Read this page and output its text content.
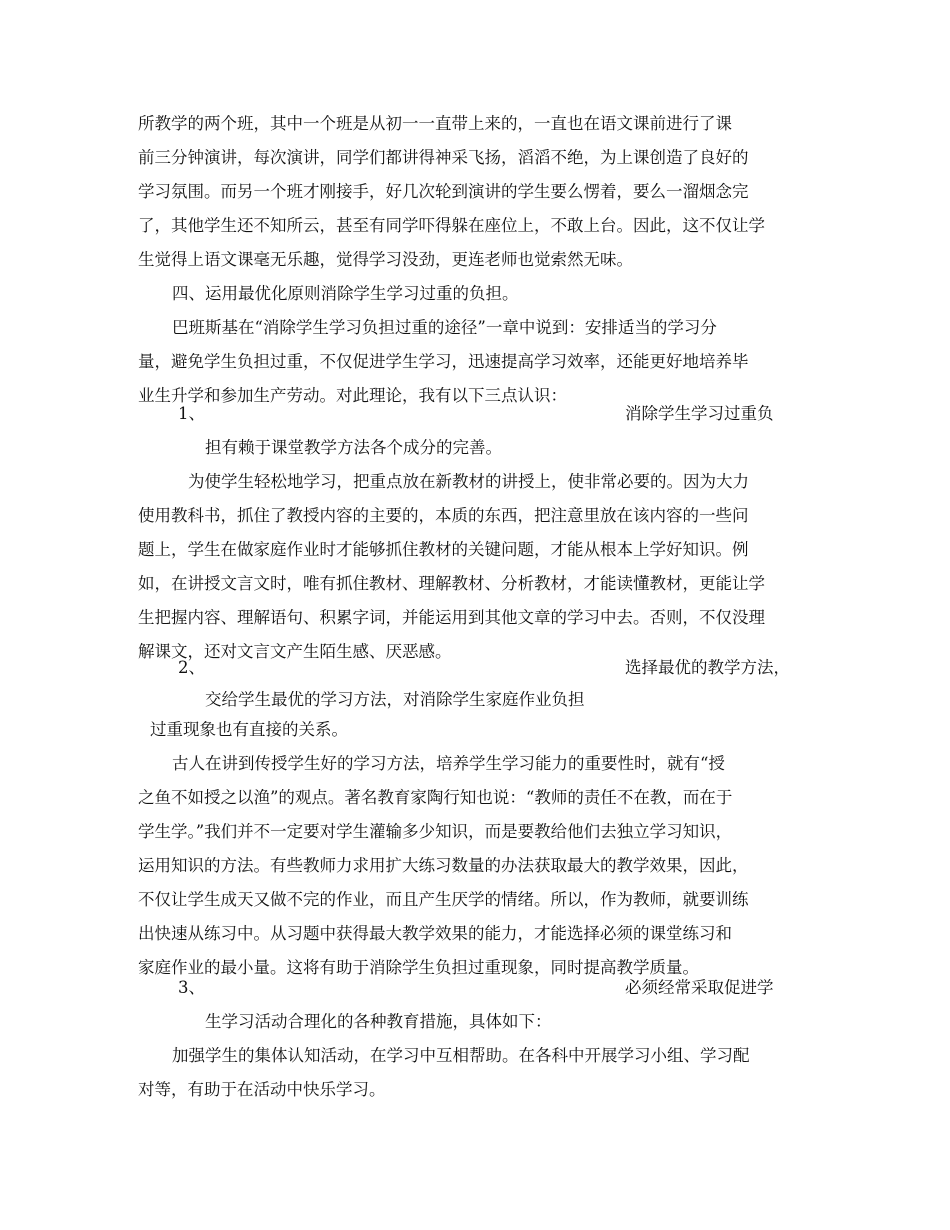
所教学的两个班，其中一个班是从初一一直带上来的，一直也在语文课前进行了课
前三分钟演讲，每次演讲，同学们都讲得神采飞扬，滔滔不绝，为上课创造了良好的
学习氛围。而另一个班才刚接手，好几次轮到演讲的学生要么愣着，要么一溜烟念完
了，其他学生还不知所云，甚至有同学吓得躲在座位上，不敢上台。因此，这不仅让学
生觉得上语文课毫无乐趣，觉得学习没劲，更连老师也觉索然无味。
四、运用最优化原则消除学生学习过重的负担。
巴班斯基在“消除学生学习负担过重的途径”一章中说到：安排适当的学习分
量，避免学生负担过重，不仅促进学生学习，迅速提高学习效率，还能更好地培养毕
业生升学和参加生产劳动。对此理论，我有以下三点认识：
1、	消除学生学习过重负
担有赖于课堂教学方法各个成分的完善。
为使学生轻松地学习，把重点放在新教材的讲授上，使非常必要的。因为大力
使用教科书，抓住了教授内容的主要的，本质的东西，把注意里放在该内容的一些问
题上，学生在做家庭作业时才能够抓住教材的关键问题，才能从根本上学好知识。例
如，在讲授文言文时，唯有抓住教材、理解教材、分析教材，才能读懂教材，更能让学
生把握内容、理解语句、积累字词，并能运用到其他文章的学习中去。否则，不仅没理
解课文，还对文言文产生陌生感、厌恶感。
2、	选择最优的教学方法，
交给学生最优的学习方法，对消除学生家庭作业负担
过重现象也有直接的关系。
古人在讲到传授学生好的学习方法，培养学生学习能力的重要性时，就有“授
之鱼不如授之以渔”的观点。著名教育家陶行知也说：“教师的责任不在教，而在于
学生学。”我们并不一定要对学生灌输多少知识，而是要教给他们去独立学习知识，
运用知识的方法。有些教师力求用扩大练习数量的办法获取最大的教学效果，因此，
不仅让学生成天又做不完的作业，而且产生厌学的情绪。所以，作为教师，就要训练
出快速从练习中。从习题中获得最大教学效果的能力，才能选择必须的课堂练习和
家庭作业的最小量。这将有助于消除学生负担过重现象，同时提高教学质量。
3、	必须经常采取促进学
生学习活动合理化的各种教育措施，具体如下：
加强学生的集体认知活动，在学习中互相帮助。在各科中开展学习小组、学习配
对等，有助于在活动中快乐学习。
